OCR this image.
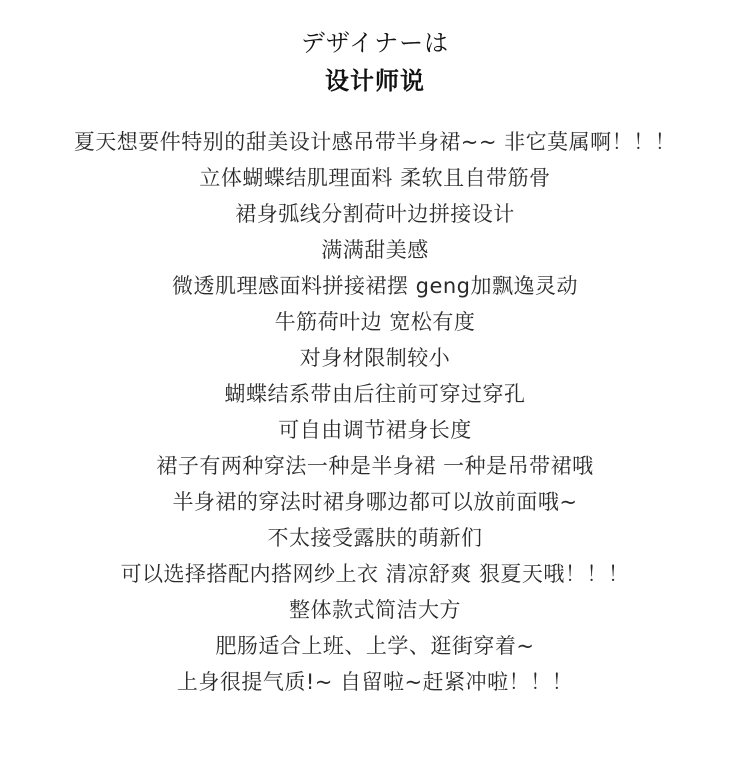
デザイナーは
设计师说
夏天想要件特别的甜美设计感吊带半身裙~~ 非它莫属啊！！！
立体蝴蝶结肌理面料 柔软且自带筋骨
裙身弧线分割荷叶边拼接设计
满满甜美感
微透肌理感面料拼接裙摆 geng加飘逸灵动
牛筋荷叶边 宽松有度
对身材限制较小
蝴蝶结系带由后往前可穿过穿孔
可自由调节裙身长度
裙子有两种穿法一种是半身裙 一种是吊带裙哦
半身裙的穿法时裙身哪边都可以放前面哦~
不太接受露肤的萌新们
可以选择搭配内搭网纱上衣 清凉舒爽 狠夏天哦！！！
整体款式简洁大方
肥肠适合上班、上学、逛街穿着~
上身很提气质!~ 自留啦~赶紧冲啦！！！
